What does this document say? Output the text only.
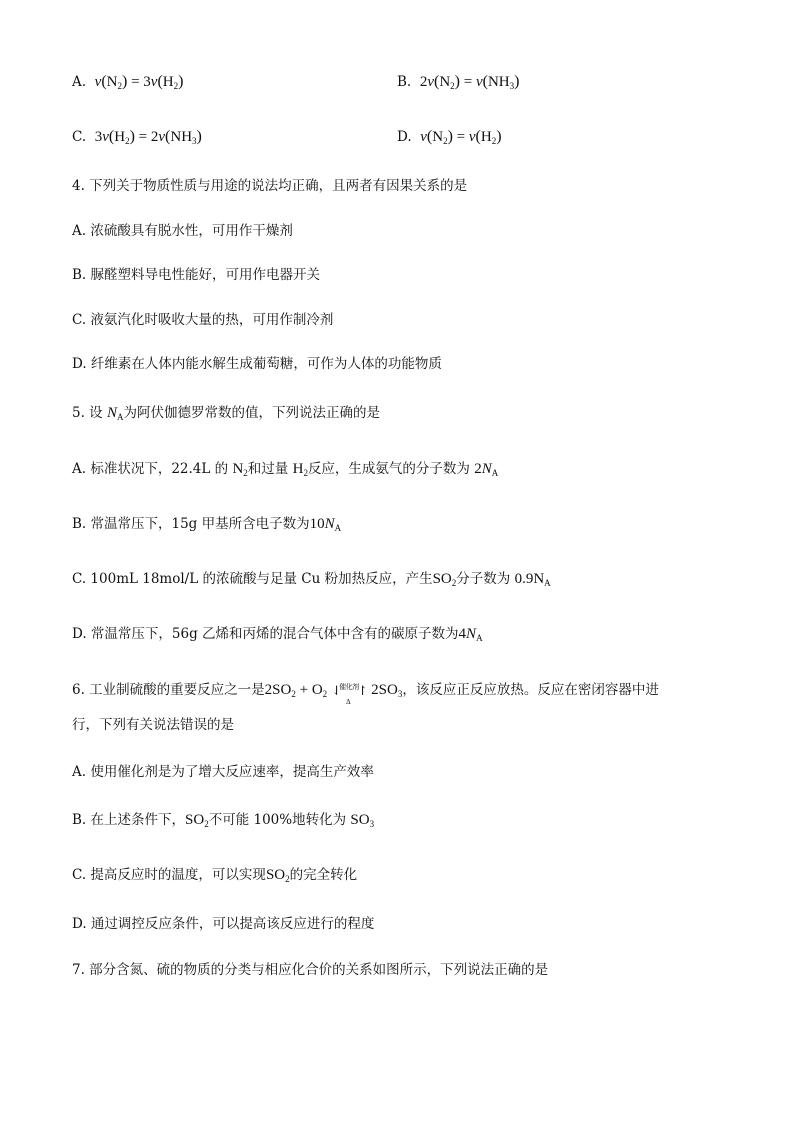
A. $v(N_2) = 3v(H_2)$	B. $2v(N_2) = v(NH_3)$
C. $3v(H_2) = 2v(NH_3)$	D. $v(N_2) = v(H_2)$
4. 下列关于物质性质与用途的说法均正确，且两者有因果关系的是
A. 浓硫酸具有脱水性，可用作干燥剂
B. 脲醛塑料导电性能好，可用作电器开关
C. 液氨汽化时吸收大量的热，可用作制冷剂
D. 纤维素在人体内能水解生成葡萄糖，可作为人体的功能物质
5. 设 $N_A$为阿伏伽德罗常数的值，下列说法正确的是
A. 标准状况下，22.4L 的 $N_2$和过量 $H_2$反应，生成氨气的分子数为 $2N_A$
B. 常温常压下，15g 甲基所含电子数为$10N_A$
C. 100mL 18mol/L 的浓硫酸与足量 Cu 粉加热反应，产生$SO_2$分子数为 $0.9N_A$
D. 常温常压下，56g 乙烯和丙烯的混合气体中含有的碳原子数为$4N_A$
6. 工业制硫酸的重要反应之一是$2SO_2 + O_2$
催化剂
⇃ ↾
Δ
$2SO_3$，该反应正反应放热。反应在密闭容器中进
行，下列有关说法错误的是
A. 使用催化剂是为了增大反应速率，提高生产效率
B. 在上述条件下，$SO_2$不可能 100%地转化为 $SO_3$
C. 提高反应时的温度，可以实现$SO_2$的完全转化
D. 通过调控反应条件，可以提高该反应进行的程度
7. 部分含氮、硫的物质的分类与相应化合价的关系如图所示，下列说法正确的是
